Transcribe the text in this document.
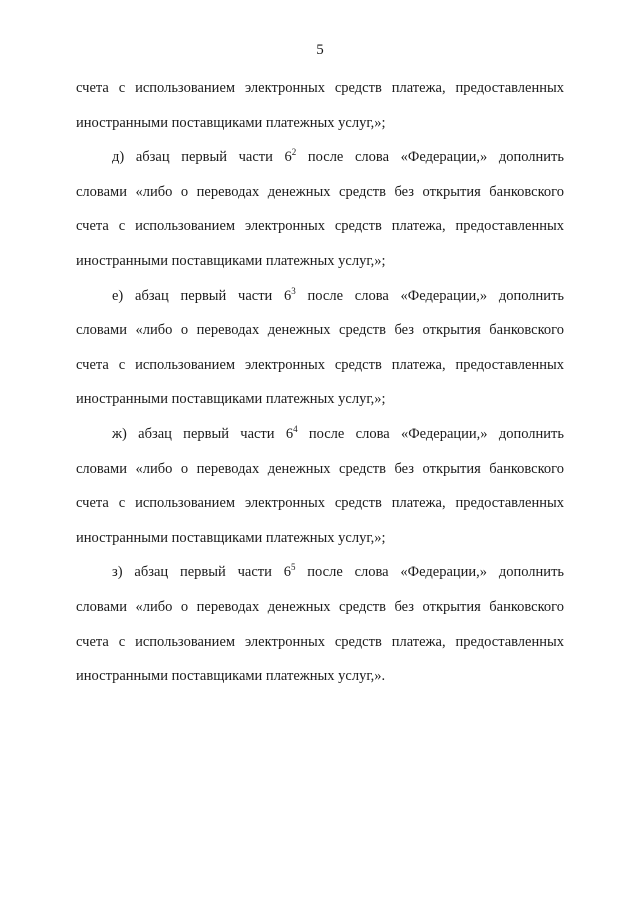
5
счета с использованием электронных средств платежа, предоставленных
иностранными поставщиками платежных услуг,»;
д) абзац первый части $6^2$ после слова «Федерации,» дополнить
словами «либо о переводах денежных средств без открытия банковского
счета с использованием электронных средств платежа, предоставленных
иностранными поставщиками платежных услуг,»;
е) абзац первый части $6^3$ после слова «Федерации,» дополнить
словами «либо о переводах денежных средств без открытия банковского
счета с использованием электронных средств платежа, предоставленных
иностранными поставщиками платежных услуг,»;
ж) абзац первый части $6^4$ после слова «Федерации,» дополнить
словами «либо о переводах денежных средств без открытия банковского
счета с использованием электронных средств платежа, предоставленных
иностранными поставщиками платежных услуг,»;
з) абзац первый части $6^5$ после слова «Федерации,» дополнить
словами «либо о переводах денежных средств без открытия банковского
счета с использованием электронных средств платежа, предоставленных
иностранными поставщиками платежных услуг,».
